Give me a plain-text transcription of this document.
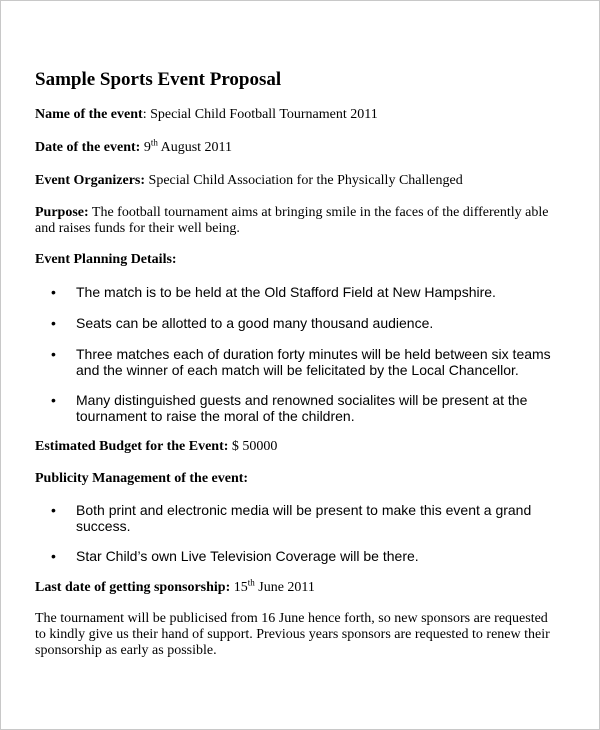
Sample Sports Event Proposal

Name of the event: Special Child Football Tournament 2011

Date of the event: 9th August 2011

Event Organizers: Special Child Association for the Physically Challenged

Purpose: The football tournament aims at bringing smile in the faces of the differently able and raises funds for their well being.

Event Planning Details:

• The match is to be held at the Old Stafford Field at New Hampshire.
• Seats can be allotted to a good many thousand audience.
• Three matches each of duration forty minutes will be held between six teams and the winner of each match will be felicitated by the Local Chancellor.
• Many distinguished guests and renowned socialites will be present at the tournament to raise the moral of the children.

Estimated Budget for the Event: $ 50000

Publicity Management of the event:

• Both print and electronic media will be present to make this event a grand success.
• Star Child’s own Live Television Coverage will be there.

Last date of getting sponsorship: 15th June 2011

The tournament will be publicised from 16 June hence forth, so new sponsors are requested to kindly give us their hand of support. Previous years sponsors are requested to renew their sponsorship as early as possible.
